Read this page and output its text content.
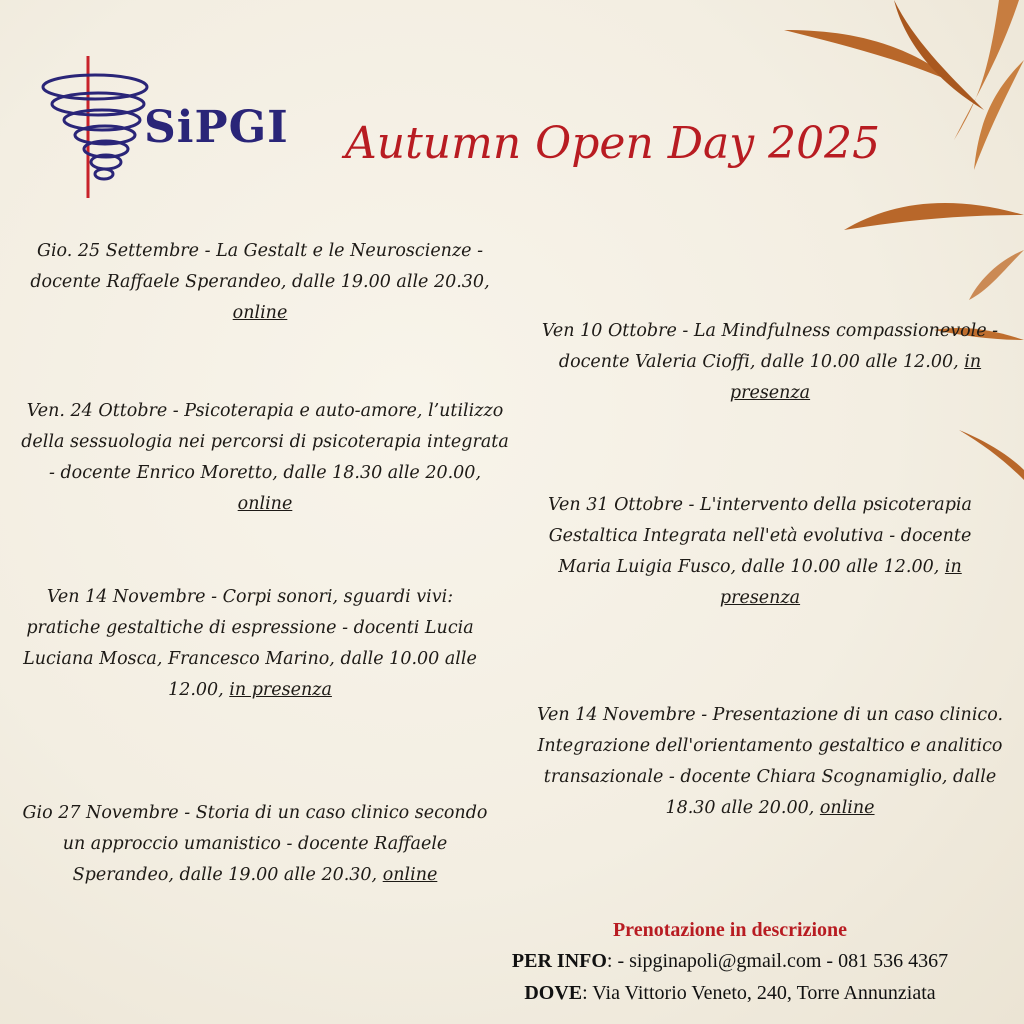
SiPGI Autumn Open Day 2025
Gio. 25 Settembre - La Gestalt e le Neuroscienze - docente Raffaele Sperandeo, dalle 19.00 alle 20.30, online
Ven. 24 Ottobre - Psicoterapia e auto-amore, l’utilizzo della sessuologia nei percorsi di psicoterapia integrata - docente Enrico Moretto, dalle 18.30 alle 20.00, online
Ven 14 Novembre - Corpi sonori, sguardi vivi: pratiche gestaltiche di espressione - docenti Lucia Luciana Mosca, Francesco Marino, dalle 10.00 alle 12.00, in presenza
Gio 27 Novembre - Storia di un caso clinico secondo un approccio umanistico - docente Raffaele Sperandeo, dalle 19.00 alle 20.30, online
Ven 10 Ottobre - La Mindfulness compassionevole - docente Valeria Cioffi, dalle 10.00 alle 12.00, in presenza
Ven 31 Ottobre - L'intervento della psicoterapia Gestaltica Integrata nell'età evolutiva - docente Maria Luigia Fusco, dalle 10.00 alle 12.00, in presenza
Ven 14 Novembre - Presentazione di un caso clinico. Integrazione dell'orientamento gestaltico e analitico transazionale - docente Chiara Scognamiglio, dalle 18.30 alle 20.00, online
Prenotazione in descrizione
PER INFO: - sipginapoli@gmail.com - 081 536 4367
DOVE: Via Vittorio Veneto, 240, Torre Annunziata
